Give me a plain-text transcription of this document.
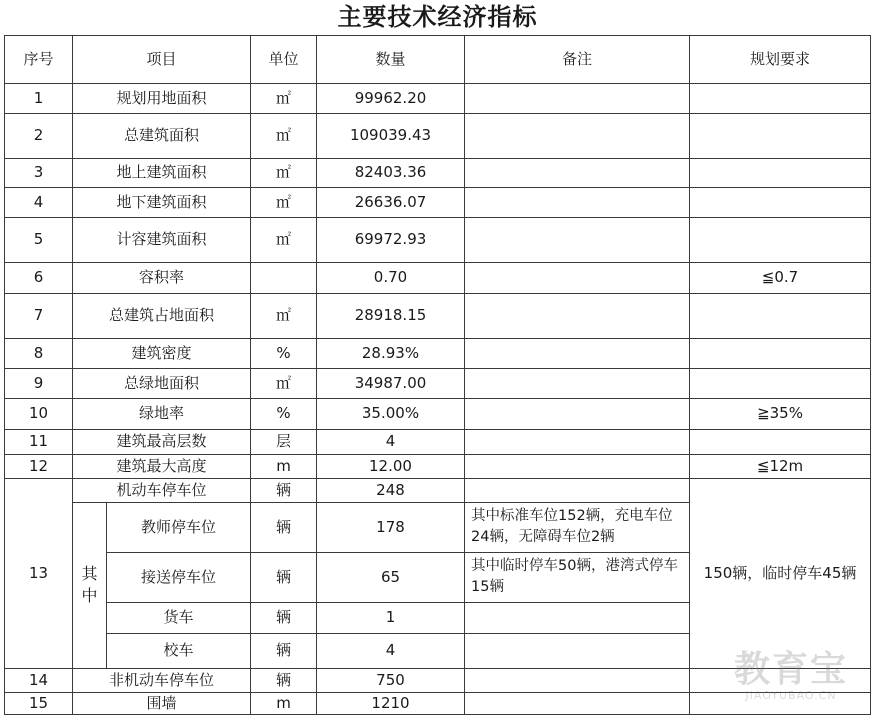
主要技术经济指标						
序号	项目		单位	数量	备注	规划要求
1	规划用地面积		㎡	99962.20		
2	总建筑面积		㎡	109039.43		
3	地上建筑面积		㎡	82403.36		
4	地下建筑面积		㎡	26636.07		
5	计容建筑面积		㎡	69972.93		
6	容积率			0.70		≦0.7
7	总建筑占地面积		㎡	28918.15		
8	建筑密度		%	28.93%		
9	总绿地面积		㎡	34987.00		
10	绿地率		%	35.00%		≧35%
11	建筑最高层数		层	4		
12	建筑最大高度		m	12.00		≦12m
13	机动车停车位		辆	248		150辆，临时停车45辆
	其中	教师停车位	辆	178	其中标准车位152辆，充电车位24辆，无障碍车位2辆	
		接送停车位	辆	65	其中临时停车50辆，港湾式停车15辆	
		货车	辆	1		
		校车	辆	4		
14	非机动车停车位		辆	750		
15	围墙		m	1210		
教育宝
JIAOYUBAO.CN
